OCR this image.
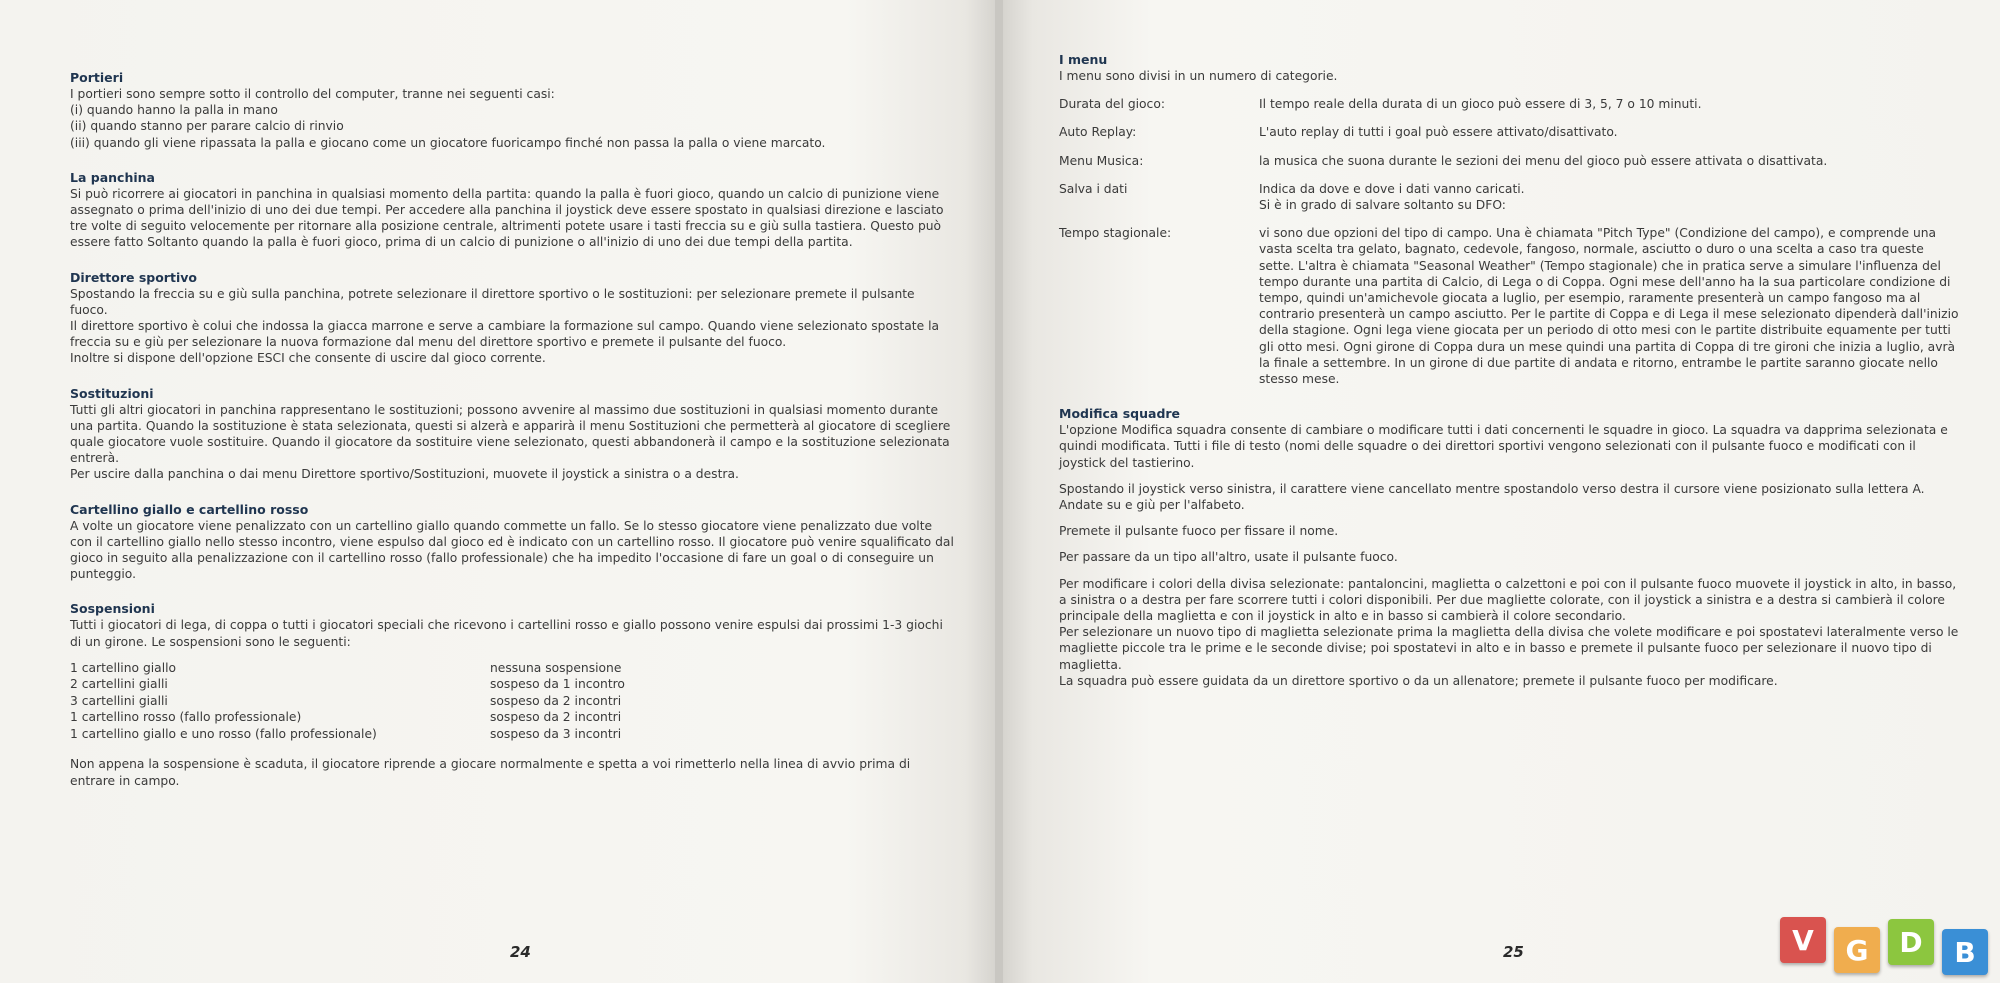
Portieri

I portieri sono sempre sotto il controllo del computer, tranne nei seguenti casi:

(i) quando hanno la palla in mano

(ii) quando stanno per parare calcio di rinvio

(iii) quando gli viene ripassata la palla e giocano come un giocatore fuoricampo finché non passa la palla o viene marcato.

La panchina

Si può ricorrere ai giocatori in panchina in qualsiasi momento della partita: quando la palla è fuori gioco, quando un calcio di punizione viene assegnato o prima dell'inizio di uno dei due tempi. Per accedere alla panchina il joystick deve essere spostato in qualsiasi direzione e lasciato tre volte di seguito velocemente per ritornare alla posizione centrale, altrimenti potete usare i tasti freccia su e giù sulla tastiera. Questo può essere fatto Soltanto quando la palla è fuori gioco, prima di un calcio di punizione o all'inizio di uno dei due tempi della partita.

Direttore sportivo

Spostando la freccia su e giù sulla panchina, potrete selezionare il direttore sportivo o le sostituzioni: per selezionare premete il pulsante fuoco.

Il direttore sportivo è colui che indossa la giacca marrone e serve a cambiare la formazione sul campo. Quando viene selezionato spostate la freccia su e giù per selezionare la nuova formazione dal menu del direttore sportivo e premete il pulsante del fuoco.

Inoltre si dispone dell'opzione ESCI che consente di uscire dal gioco corrente.

Sostituzioni

Tutti gli altri giocatori in panchina rappresentano le sostituzioni; possono avvenire al massimo due sostituzioni in qualsiasi momento durante una partita. Quando la sostituzione è stata selezionata, questi si alzerà e apparirà il menu Sostituzioni che permetterà al giocatore di scegliere quale giocatore vuole sostituire. Quando il giocatore da sostituire viene selezionato, questi abbandonerà il campo e la sostituzione selezionata entrerà.

Per uscire dalla panchina o dai menu Direttore sportivo/Sostituzioni, muovete il joystick a sinistra o a destra.

Cartellino giallo e cartellino rosso

A volte un giocatore viene penalizzato con un cartellino giallo quando commette un fallo. Se lo stesso giocatore viene penalizzato due volte con il cartellino giallo nello stesso incontro, viene espulso dal gioco ed è indicato con un cartellino rosso. Il giocatore può venire squalificato dal gioco in seguito alla penalizzazione con il cartellino rosso (fallo professionale) che ha impedito l'occasione di fare un goal o di conseguire un punteggio.

Sospensioni

Tutti i giocatori di lega, di coppa o tutti i giocatori speciali che ricevono i cartellini rosso e giallo possono venire espulsi dai prossimi 1-3 giochi di un girone. Le sospensioni sono le seguenti:

1 cartellino giallo	nessuna sospensione
2 cartellini gialli	sospeso da 1 incontro
3 cartellini gialli	sospeso da 2 incontri
1 cartellino rosso (fallo professionale)	sospeso da 2 incontri
1 cartellino giallo e uno rosso (fallo professionale)	sospeso da 3 incontri

Non appena la sospensione è scaduta, il giocatore riprende a giocare normalmente e spetta a voi rimetterlo nella linea di avvio prima di entrare in campo.

24
I menu

I menu sono divisi in un numero di categorie.

Durata del gioco:	Il tempo reale della durata di un gioco può essere di 3, 5, 7 o 10 minuti.

Auto Replay:	L'auto replay di tutti i goal può essere attivato/disattivato.

Menu Musica:	la musica che suona durante le sezioni dei menu del gioco può essere attivata o disattivata.

Salva i dati	Indica da dove e dove i dati vanno caricati.

Si è in grado di salvare soltanto su DFO:

Tempo stagionale:	vi sono due opzioni del tipo di campo. Una è chiamata "Pitch Type" (Condizione del campo), e comprende una vasta scelta tra gelato, bagnato, cedevole, fangoso, normale, asciutto o duro o una scelta a caso tra queste sette. L'altra è chiamata "Seasonal Weather" (Tempo stagionale) che in pratica serve a simulare l'influenza del tempo durante una partita di Calcio, di Lega o di Coppa. Ogni mese dell'anno ha la sua particolare condizione di tempo, quindi un'amichevole giocata a luglio, per esempio, raramente presenterà un campo fangoso ma al contrario presenterà un campo asciutto. Per le partite di Coppa e di Lega il mese selezionato dipenderà dall'inizio della stagione. Ogni lega viene giocata per un periodo di otto mesi con le partite distribuite equamente per tutti gli otto mesi. Ogni girone di Coppa dura un mese quindi una partita di Coppa di tre gironi che inizia a luglio, avrà la finale a settembre. In un girone di due partite di andata e ritorno, entrambe le partite saranno giocate nello stesso mese.

Modifica squadre

L'opzione Modifica squadra consente di cambiare o modificare tutti i dati concernenti le squadre in gioco. La squadra va dapprima selezionata e quindi modificata. Tutti i file di testo (nomi delle squadre o dei direttori sportivi vengono selezionati con il pulsante fuoco e modificati con il joystick del tastierino.

Spostando il joystick verso sinistra, il carattere viene cancellato mentre spostandolo verso destra il cursore viene posizionato sulla lettera A. Andate su e giù per l'alfabeto.

Premete il pulsante fuoco per fissare il nome.

Per passare da un tipo all'altro, usate il pulsante fuoco.

Per modificare i colori della divisa selezionate: pantaloncini, maglietta o calzettoni e poi con il pulsante fuoco muovete il joystick in alto, in basso, a sinistra o a destra per fare scorrere tutti i colori disponibili. Per due magliette colorate, con il joystick a sinistra e a destra si cambierà il colore principale della maglietta e con il joystick in alto e in basso si cambierà il colore secondario.

Per selezionare un nuovo tipo di maglietta selezionate prima la maglietta della divisa che volete modificare e poi spostatevi lateralmente verso le magliette piccole tra le prime e le seconde divise; poi spostatevi in alto e in basso e premete il pulsante fuoco per selezionare il nuovo tipo di maglietta.

La squadra può essere guidata da un direttore sportivo o da un allenatore; premete il pulsante fuoco per modificare.

25	V	G	D	B
